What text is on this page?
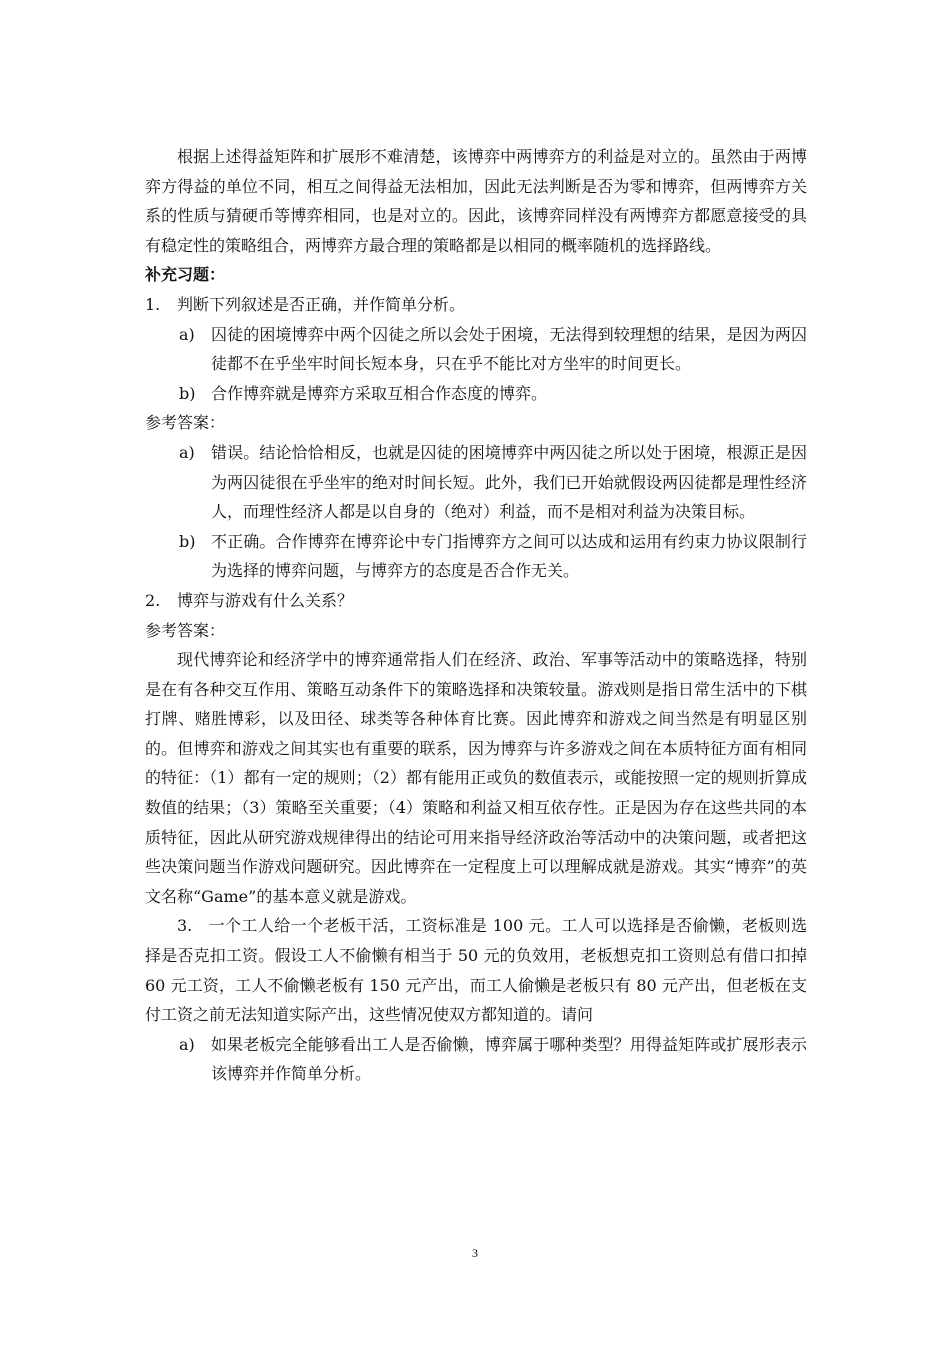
根据上述得益矩阵和扩展形不难清楚，该博弈中两博弈方的利益是对立的。虽然由于两博弈方得益的单位不同，相互之间得益无法相加，因此无法判断是否为零和博弈，但两博弈方关系的性质与猜硬币等博弈相同，也是对立的。因此，该博弈同样没有两博弈方都愿意接受的具有稳定性的策略组合，两博弈方最合理的策略都是以相同的概率随机的选择路线。

补充习题：

1. 判断下列叙述是否正确，并作简单分析。

a) 囚徒的困境博弈中两个囚徒之所以会处于困境，无法得到较理想的结果，是因为两囚徒都不在乎坐牢时间长短本身，只在乎不能比对方坐牢的时间更长。

b) 合作博弈就是博弈方采取互相合作态度的博弈。

参考答案：

a) 错误。结论恰恰相反，也就是囚徒的困境博弈中两囚徒之所以处于困境，根源正是因为两囚徒很在乎坐牢的绝对时间长短。此外，我们已开始就假设两囚徒都是理性经济人，而理性经济人都是以自身的（绝对）利益，而不是相对利益为决策目标。

b) 不正确。合作博弈在博弈论中专门指博弈方之间可以达成和运用有约束力协议限制行为选择的博弈问题，与博弈方的态度是否合作无关。

2. 博弈与游戏有什么关系？

参考答案：

现代博弈论和经济学中的博弈通常指人们在经济、政治、军事等活动中的策略选择，特别是在有各种交互作用、策略互动条件下的策略选择和决策较量。游戏则是指日常生活中的下棋打牌、赌胜博彩，以及田径、球类等各种体育比赛。因此博弈和游戏之间当然是有明显区别的。但博弈和游戏之间其实也有重要的联系，因为博弈与许多游戏之间在本质特征方面有相同的特征：（1）都有一定的规则；（2）都有能用正或负的数值表示，或能按照一定的规则折算成数值的结果；（3）策略至关重要；（4）策略和利益又相互依存性。正是因为存在这些共同的本质特征，因此从研究游戏规律得出的结论可用来指导经济政治等活动中的决策问题，或者把这些决策问题当作游戏问题研究。因此博弈在一定程度上可以理解成就是游戏。其实“博弈”的英文名称“Game”的基本意义就是游戏。

3.  一个工人给一个老板干活，工资标准是 100 元。工人可以选择是否偷懒，老板则选择是否克扣工资。假设工人不偷懒有相当于 50 元的负效用，老板想克扣工资则总有借口扣掉 60 元工资，工人不偷懒老板有 150 元产出，而工人偷懒是老板只有 80 元产出，但老板在支付工资之前无法知道实际产出，这些情况使双方都知道的。请问

a) 如果老板完全能够看出工人是否偷懒，博弈属于哪种类型？用得益矩阵或扩展形表示该博弈并作简单分析。

3
